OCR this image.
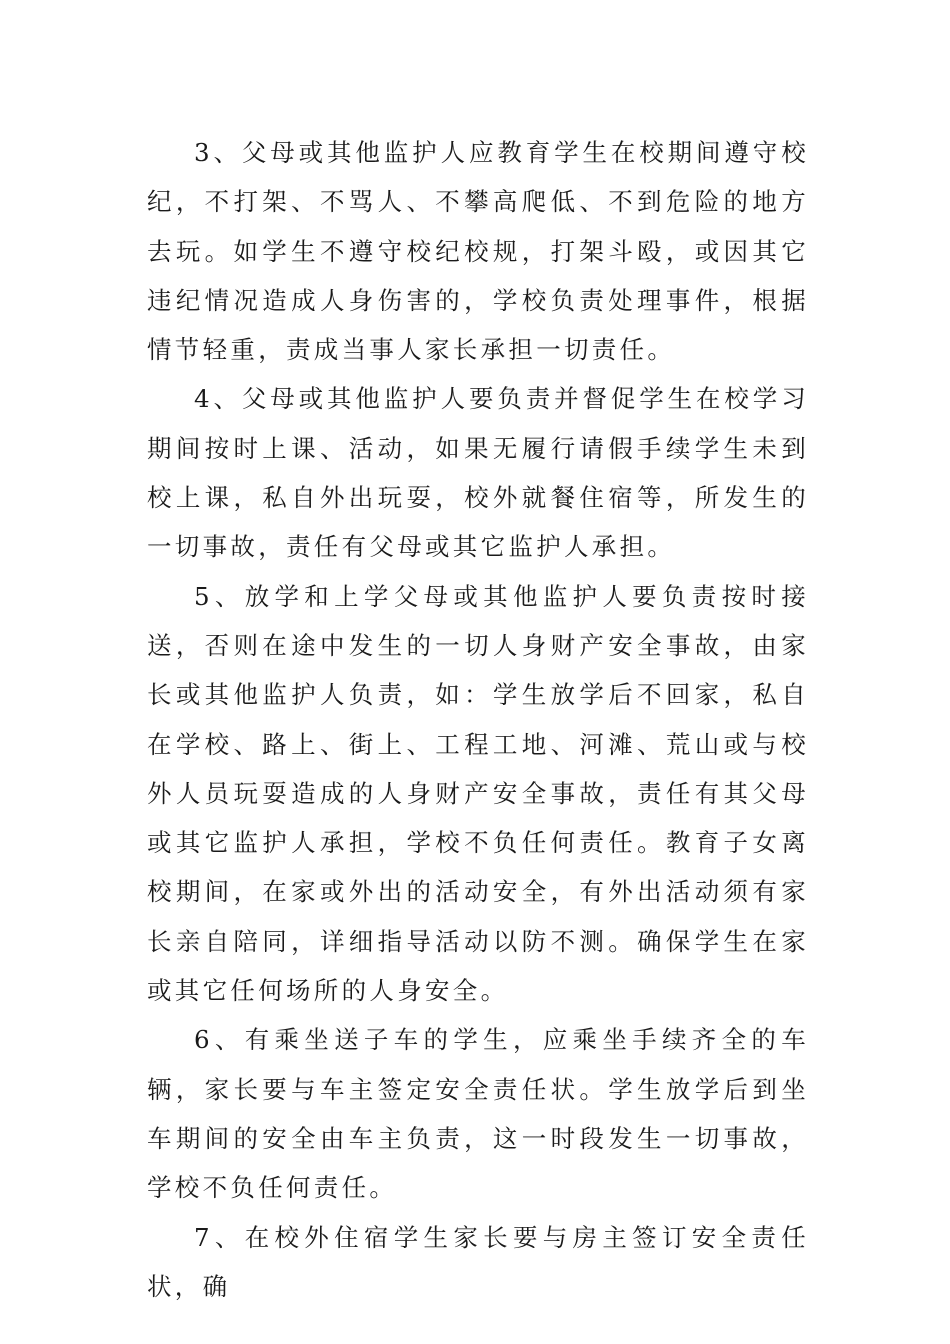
3、父母或其他监护人应教育学生在校期间遵守校纪，不打架、不骂人、不攀高爬低、不到危险的地方去玩。如学生不遵守校纪校规，打架斗殴，或因其它违纪情况造成人身伤害的，学校负责处理事件，根据情节轻重，责成当事人家长承担一切责任。

4、父母或其他监护人要负责并督促学生在校学习期间按时上课、活动，如果无履行请假手续学生未到校上课，私自外出玩耍，校外就餐住宿等，所发生的一切事故，责任有父母或其它监护人承担。

5、放学和上学父母或其他监护人要负责按时接送，否则在途中发生的一切人身财产安全事故，由家长或其他监护人负责，如：学生放学后不回家，私自在学校、路上、街上、工程工地、河滩、荒山或与校外人员玩耍造成的人身财产安全事故，责任有其父母或其它监护人承担，学校不负任何责任。教育子女离校期间，在家或外出的活动安全，有外出活动须有家长亲自陪同，详细指导活动以防不测。确保学生在家或其它任何场所的人身安全。

6、有乘坐送子车的学生，应乘坐手续齐全的车辆，家长要与车主签定安全责任状。学生放学后到坐车期间的安全由车主负责，这一时段发生一切事故，学校不负任何责任。

7、在校外住宿学生家长要与房主签订安全责任状，确
